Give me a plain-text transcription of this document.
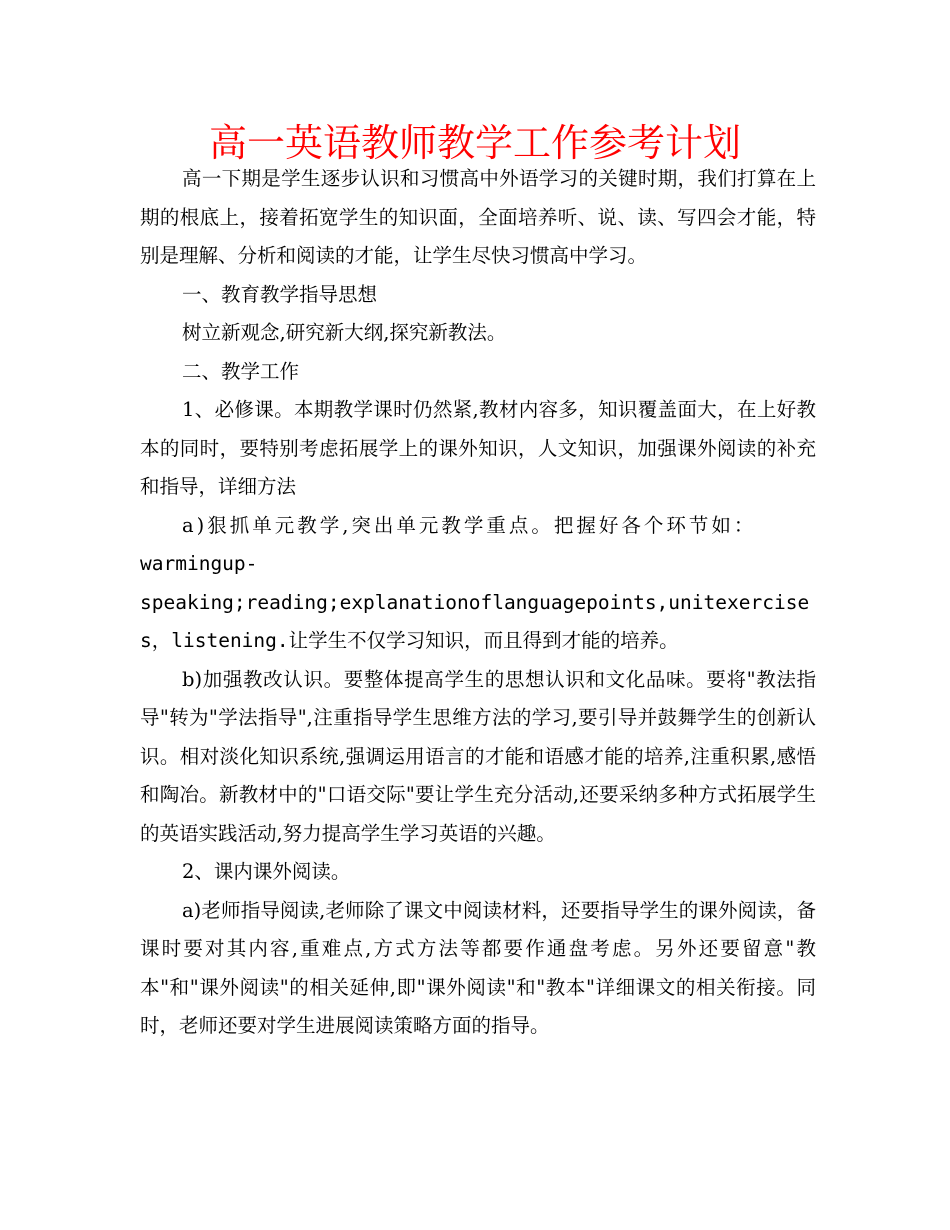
高一英语教师教学工作参考计划

高一下期是学生逐步认识和习惯高中外语学习的关键时期，我们打算在上期的根底上，接着拓宽学生的知识面，全面培养听、说、读、写四会才能，特别是理解、分析和阅读的才能，让学生尽快习惯高中学习。

一、教育教学指导思想

树立新观念,研究新大纲,探究新教法。

二、教学工作

1、必修课。本期教学课时仍然紧,教材内容多，知识覆盖面大，在上好教本的同时，要特别考虑拓展学上的课外知识，人文知识，加强课外阅读的补充和指导，详细方法

a)狠抓单元教学,突出单元教学重点。把握好各个环节如：

warmingup-

speaking;reading;explanationoflanguagepoints,unitexercises，listening.让学生不仅学习知识，而且得到才能的培养。

b)加强教改认识。要整体提高学生的思想认识和文化品味。要将"教法指导"转为"学法指导",注重指导学生思维方法的学习,要引导并鼓舞学生的创新认识。相对淡化知识系统,强调运用语言的才能和语感才能的培养,注重积累,感悟和陶冶。新教材中的"口语交际"要让学生充分活动,还要采纳多种方式拓展学生的英语实践活动,努力提高学生学习英语的兴趣。

2、课内课外阅读。

a)老师指导阅读,老师除了课文中阅读材料，还要指导学生的课外阅读，备课时要对其内容,重难点,方式方法等都要作通盘考虑。另外还要留意"教本"和"课外阅读"的相关延伸,即"课外阅读"和"教本"详细课文的相关衔接。同时，老师还要对学生进展阅读策略方面的指导。
